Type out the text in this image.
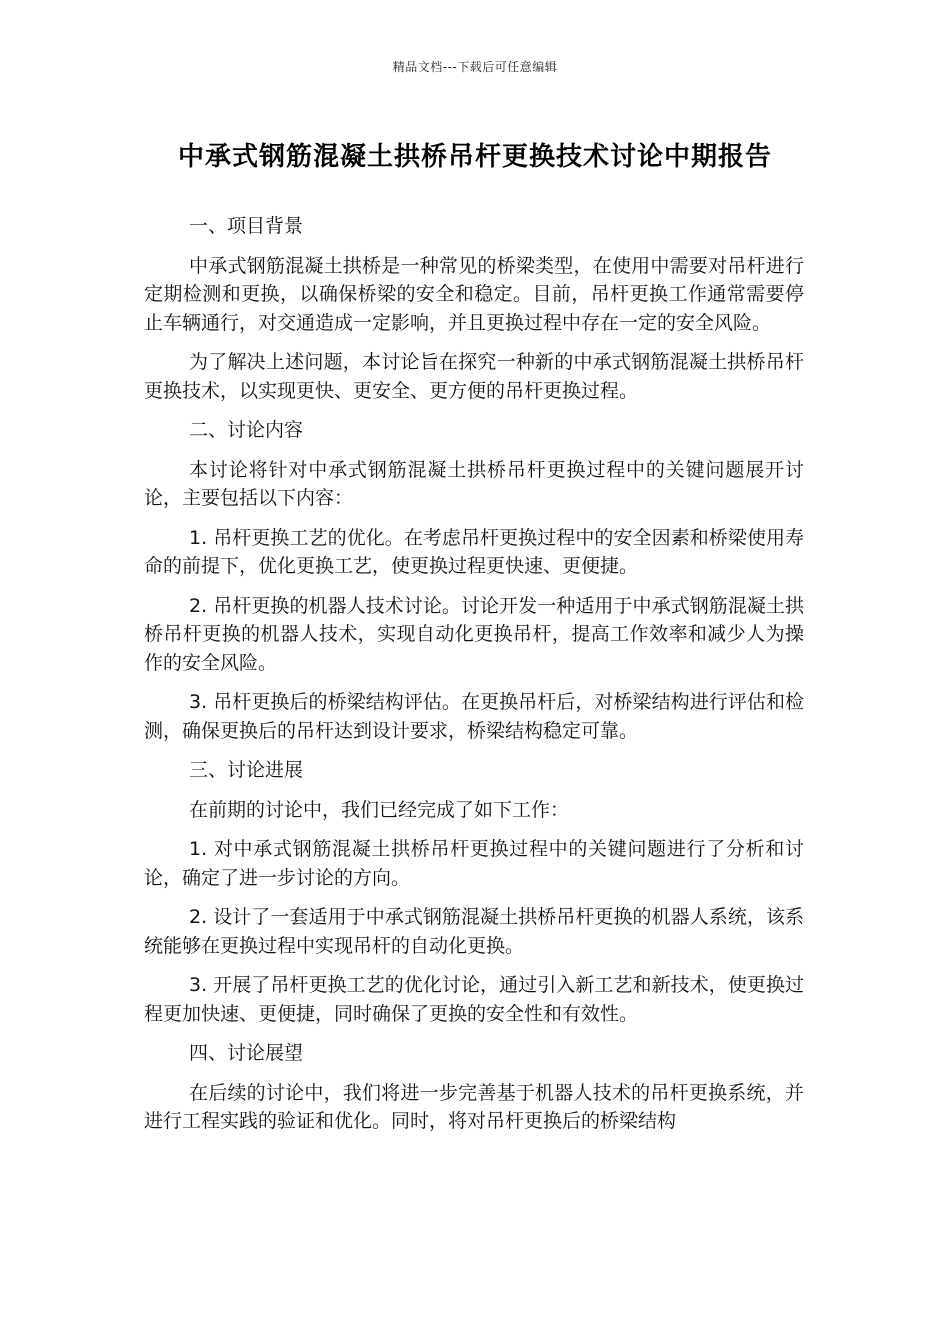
精品文档---下载后可任意编辑
中承式钢筋混凝土拱桥吊杆更换技术讨论中期报告

一、项目背景

中承式钢筋混凝土拱桥是一种常见的桥梁类型，在使用中需要对吊杆进行定期检测和更换，以确保桥梁的安全和稳定。目前，吊杆更换工作通常需要停止车辆通行，对交通造成一定影响，并且更换过程中存在一定的安全风险。

为了解决上述问题，本讨论旨在探究一种新的中承式钢筋混凝土拱桥吊杆更换技术，以实现更快、更安全、更方便的吊杆更换过程。

二、讨论内容

本讨论将针对中承式钢筋混凝土拱桥吊杆更换过程中的关键问题展开讨论，主要包括以下内容：

1. 吊杆更换工艺的优化。在考虑吊杆更换过程中的安全因素和桥梁使用寿命的前提下，优化更换工艺，使更换过程更快速、更便捷。

2. 吊杆更换的机器人技术讨论。讨论开发一种适用于中承式钢筋混凝土拱桥吊杆更换的机器人技术，实现自动化更换吊杆，提高工作效率和减少人为操作的安全风险。

3. 吊杆更换后的桥梁结构评估。在更换吊杆后，对桥梁结构进行评估和检测，确保更换后的吊杆达到设计要求，桥梁结构稳定可靠。

三、讨论进展

在前期的讨论中，我们已经完成了如下工作：

1. 对中承式钢筋混凝土拱桥吊杆更换过程中的关键问题进行了分析和讨论，确定了进一步讨论的方向。

2. 设计了一套适用于中承式钢筋混凝土拱桥吊杆更换的机器人系统，该系统能够在更换过程中实现吊杆的自动化更换。

3. 开展了吊杆更换工艺的优化讨论，通过引入新工艺和新技术，使更换过程更加快速、更便捷，同时确保了更换的安全性和有效性。

四、讨论展望

在后续的讨论中，我们将进一步完善基于机器人技术的吊杆更换系统，并进行工程实践的验证和优化。同时，将对吊杆更换后的桥梁结构
